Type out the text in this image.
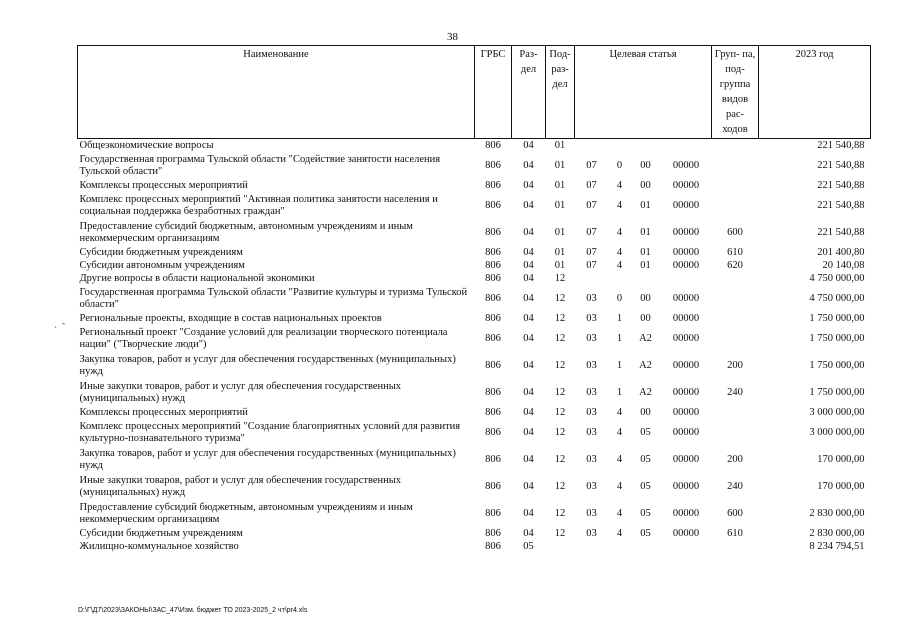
38
-
ˋ
Наименование	ГРБС	Раз- дел	Под- раз- дел	Целевая статья				Груп- па, под- группа видов рас- ходов	2023 год
Общеэкономические вопросы	806	04	01						221 540,88
Государственная программа Тульской области "Содействие занятости населения Тульской области"	806	04	01	07	0	00	00000		221 540,88
Комплексы процессных мероприятий	806	04	01	07	4	00	00000		221 540,88
Комплекс процессных мероприятий "Активная политика занятости населения и социальная поддержка безработных граждан"	806	04	01	07	4	01	00000		221 540,88
Предоставление субсидий бюджетным, автономным учреждениям и иным некоммерческим организациям	806	04	01	07	4	01	00000	600	221 540,88
Субсидии бюджетным учреждениям	806	04	01	07	4	01	00000	610	201 400,80
Субсидии автономным учреждениям	806	04	01	07	4	01	00000	620	20 140,08
Другие вопросы в области национальной экономики	806	04	12						4 750 000,00
Государственная программа Тульской области "Развитие культуры и туризма Тульской области"	806	04	12	03	0	00	00000		4 750 000,00
Региональные проекты, входящие в состав национальных проектов	806	04	12	03	1	00	00000		1 750 000,00
Региональный проект "Создание условий для реализации творческого потенциала нации" ("Творческие люди")	806	04	12	03	1	A2	00000		1 750 000,00
Закупка товаров, работ и услуг для обеспечения государственных (муниципальных) нужд	806	04	12	03	1	A2	00000	200	1 750 000,00
Иные закупки товаров, работ и услуг для обеспечения государственных (муниципальных) нужд	806	04	12	03	1	A2	00000	240	1 750 000,00
Комплексы процессных мероприятий	806	04	12	03	4	00	00000		3 000 000,00
Комплекс процессных мероприятий "Создание благоприятных условий для развития культурно-познавательного туризма"	806	04	12	03	4	05	00000		3 000 000,00
Закупка товаров, работ и услуг для обеспечения государственных (муниципальных) нужд	806	04	12	03	4	05	00000	200	170 000,00
Иные закупки товаров, работ и услуг для обеспечения государственных (муниципальных) нужд	806	04	12	03	4	05	00000	240	170 000,00
Предоставление субсидий бюджетным, автономным учреждениям и иным некоммерческим организациям	806	04	12	03	4	05	00000	600	2 830 000,00
Субсидии бюджетным учреждениям	806	04	12	03	4	05	00000	610	2 830 000,00
Жилищно-коммунальное хозяйство	806	05							8 234 794,51
D:\Г\Д7\2023\ЗАКОНЫ\ЗАС_47\Изм. бюджет ТО 2023-2025_2 чт\pr4.xls
